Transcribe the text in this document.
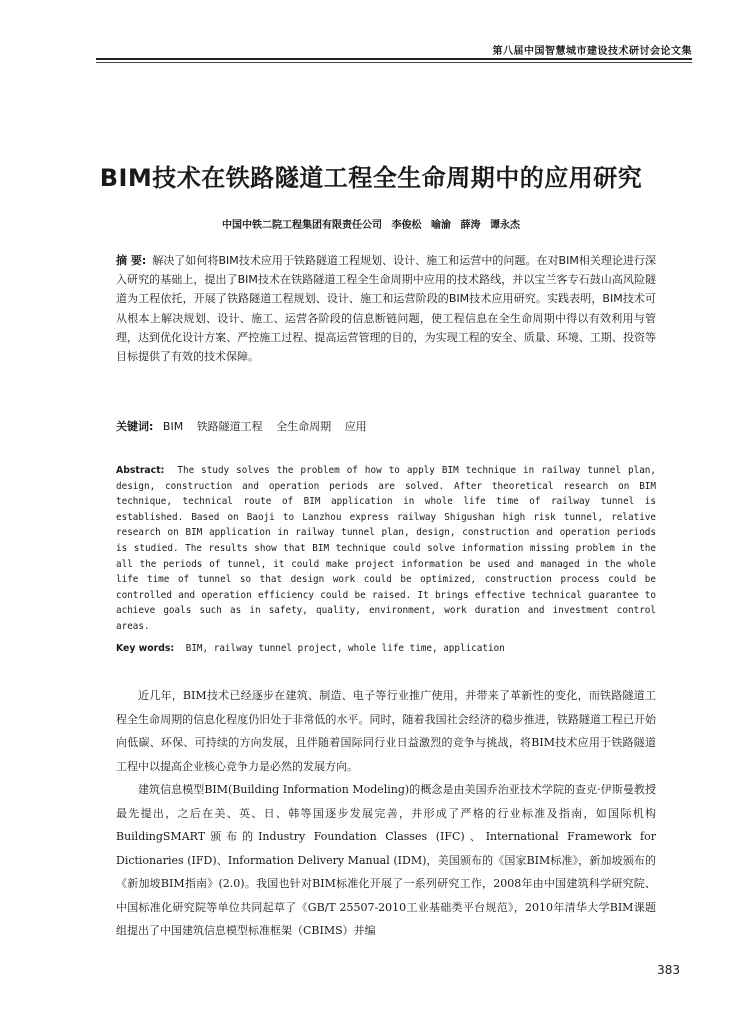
第八届中国智慧城市建设技术研讨会论文集
BIM技术在铁路隧道工程全生命周期中的应用研究
中国中铁二院工程集团有限责任公司 李俊松 喻渝 薛涛 谭永杰
摘 要: 解决了如何将BIM技术应用于铁路隧道工程规划、设计、施工和运营中的问题。在对BIM相关理论进行深入研究的基础上，提出了BIM技术在铁路隧道工程全生命周期中应用的技术路线，并以宝兰客专石鼓山高风险隧道为工程依托，开展了铁路隧道工程规划、设计、施工和运营阶段的BIM技术应用研究。实践表明，BIM技术可从根本上解决规划、设计、施工、运营各阶段的信息断链问题，使工程信息在全生命周期中得以有效利用与管理，达到优化设计方案、严控施工过程、提高运营管理的目的，为实现工程的安全、质量、环境、工期、投资等目标提供了有效的技术保障。
关键词: BIM 铁路隧道工程 全生命周期 应用
Abstract: The study solves the problem of how to apply BIM technique in railway tunnel plan, design, construction and operation periods are solved. After theoretical research on BIM technique, technical route of BIM application in whole life time of railway tunnel is established. Based on Baoji to Lanzhou express railway Shigushan high risk tunnel, relative research on BIM application in railway tunnel plan, design, construction and operation periods is studied. The results show that BIM technique could solve information missing problem in the all the periods of tunnel, it could make project information be used and managed in the whole life time of tunnel so that design work could be optimized, construction process could be controlled and operation efficiency could be raised. It brings effective technical guarantee to achieve goals such as in safety, quality, environment, work duration and investment control areas.
Key words: BIM, railway tunnel project, whole life time, application

近几年，BIM技术已经逐步在建筑、制造、电子等行业推广使用，并带来了革新性的变化，而铁路隧道工程全生命周期的信息化程度仍旧处于非常低的水平。同时，随着我国社会经济的稳步推进，铁路隧道工程已开始向低碳、环保、可持续的方向发展，且伴随着国际同行业日益激烈的竞争与挑战，将BIM技术应用于铁路隧道工程中以提高企业核心竞争力是必然的发展方向。

建筑信息模型BIM(Building Information Modeling)的概念是由美国乔治亚技术学院的查克·伊斯曼教授最先提出，之后在美、英、日、韩等国逐步发展完善，并形成了严格的行业标准及指南，如国际机构BuildingSMART颁布的Industry Foundation Classes (IFC)、International Framework for Dictionaries (IFD)、Information Delivery Manual (IDM)，美国颁布的《国家BIM标准》，新加坡颁布的《新加坡BIM指南》(2.0)。我国也针对BIM标准化开展了一系列研究工作，2008年由中国建筑科学研究院、中国标准化研究院等单位共同起草了《GB/T 25507-2010工业基础类平台规范》，2010年清华大学BIM课题组提出了中国建筑信息模型标准框架（CBIMS）并编

383
